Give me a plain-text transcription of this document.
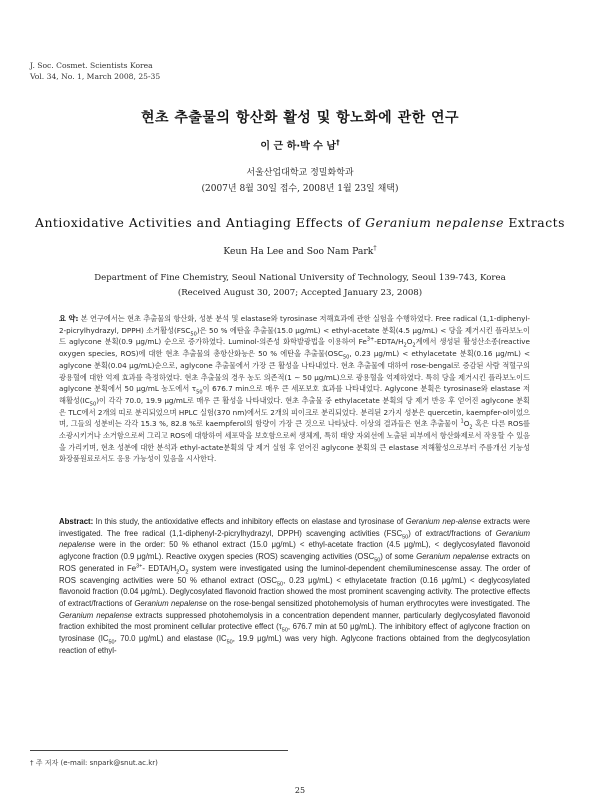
J. Soc. Cosmet. Scientists Korea
Vol. 34, No. 1, March 2008, 25-35
현초 추출물의 항산화 활성 및 항노화에 관한 연구
이 근 하·박 수 남†
서울산업대학교 정밀화학과
(2007년 8월 30일 접수, 2008년 1월 23일 채택)
Antioxidative Activities and Antiaging Effects of Geranium nepalense Extracts
Keun Ha Lee and Soo Nam Park†
Department of Fine Chemistry, Seoul National University of Technology, Seoul 139-743, Korea
(Received August 30, 2007; Accepted January 23, 2008)
요 약: 본 연구에서는 현초 추출물의 항산화, 성분 분석 및 elastase와 tyrosinase 저해효과에 관한 실험을 수행하였다. Free radical (1,1-diphenyl-2-picrylhydrazyl, DPPH) 소거활성$(FSC_{50})$은 50 % 에탄올 추출물(15.0 μg/mL) < ethyl-acetate 분획(4.5 μg/mL) < 당을 제거시킨 플라보노이드 aglycone 분획(0.9 μg/mL) 순으로 증가하였다. Luminol-의존성 화학발광법을 이용하여 $Fe^{3+}-EDTA/H_2O_2$계에서 생성된 활성산소종(reactive oxygen species, ROS)에 대한 현초 추출물의 총항산화능은 50 % 에탄올 추출물($OSC_{50}$, 0.23 μg/mL) < ethylacetate 분획(0.16 μg/mL) < aglycone 분획(0.04 μg/mL)순으로, aglycone 추출물에서 가장 큰 활성을 나타내었다. 현초 추출물에 대하여 rose-bengal로 증감된 사람 적혈구의 광용혈에 대한 억제 효과를 측정하였다. 현초 추출물의 경우 농도 의존적(1 ∼ 50 μg/mL)으로 광용혈을 억제하였다. 특히 당을 제거시킨 플라보노이드 aglycone 분획에서 50 μg/mL 농도에서 $\tau_{50}$이 676.7 min으로 매우 큰 세포보호 효과를 나타내었다. Aglycone 분획은 tyrosinase와 elastase 저해활성$(IC_{50})$이 각각 70.0, 19.9 μg/mL로 매우 큰 활성을 나타내었다. 현초 추출물 중 ethylacetate 분획의 당 제거 반응 후 얻어진 aglycone 분획은 TLC에서 2개의 띠로 분리되었으며 HPLC 실험(370 nm)에서도 2개의 피이크로 분리되었다. 분리된 2가지 성분은 quercetin, kaempfer-ol이었으며, 그들의 성분비는 각각 15.3 %, 82.8 %로 kaempferol의 함량이 가장 큰 것으로 나타났다. 이상의 결과들은 현초 추출물이 $^1O_2$ 혹은 다른 ROS를 소광시키거나 소거함으로써 그리고 ROS에 대항하여 세포막을 보호함으로써 생체계, 특히 태양 자외선에 노출된 피부에서 항산화제로서 작용할 수 있음을 가리키며, 현초 성분에 대한 분석과 ethyl-actate분획의 당 제거 실험 후 얻어진 aglycone 분획의 큰 elastase 저해활성으로부터 주름개선 기능성 화장품원료로서도 응용 가능성이 있음을 시사한다.
Abstract: In this study, the antioxidative effects and inhibitory effects on elastase and tyrosinase of Geranium nep-alense extracts were investigated. The free radical (1,1-diphenyl-2-picrylhydrazyl, DPPH) scavenging activities $(FSC_{50})$ of extract/fractions of Geranium nepalense were in the order: 50 % ethanol extract (15.0 μg/mL) < ethyl-acetate fraction (4.5 μg/mL), < deglycosylated flavonoid aglycone fraction (0.9 μg/mL). Reactive oxygen species (ROS) scavenging activities $(OSC_{50})$ of some Geranium nepalense extracts on ROS generated in $Fe^{3+}-$ EDTA/$H_2O_2$ system were investigated using the luminol-dependent chemiluminescense assay. The order of ROS scavenging activities were 50 % ethanol extract ($OSC_{50}$, 0.23 μg/mL) < ethylacetate fraction (0.16 μg/mL) < deglycosylated flavonoid fraction (0.04 μg/mL). Deglycosylated flavonoid fraction showed the most prominent scavenging activity. The protective effects of extract/fractions of Geranium nepalense on the rose-bengal sensitized photohemolysis of human erythrocytes were investigated. The Geranium nepalense extracts suppressed photohemolysis in a concentration dependent manner, particularly deglycosylated flavonoid fraction exhibited the most prominent cellular protective effect ($\tau_{50}$, 676.7 min at 50 μg/mL). The inhibitory effect of aglycone fraction on tyrosinase ($IC_{50}$, 70.0 μg/mL) and elastase ($IC_{50}$, 19.9 μg/mL) was very high. Aglycone fractions obtained from the deglycosylation reaction of ethyl-
† 주 저자 (e-mail: snpark@snut.ac.kr)
25
